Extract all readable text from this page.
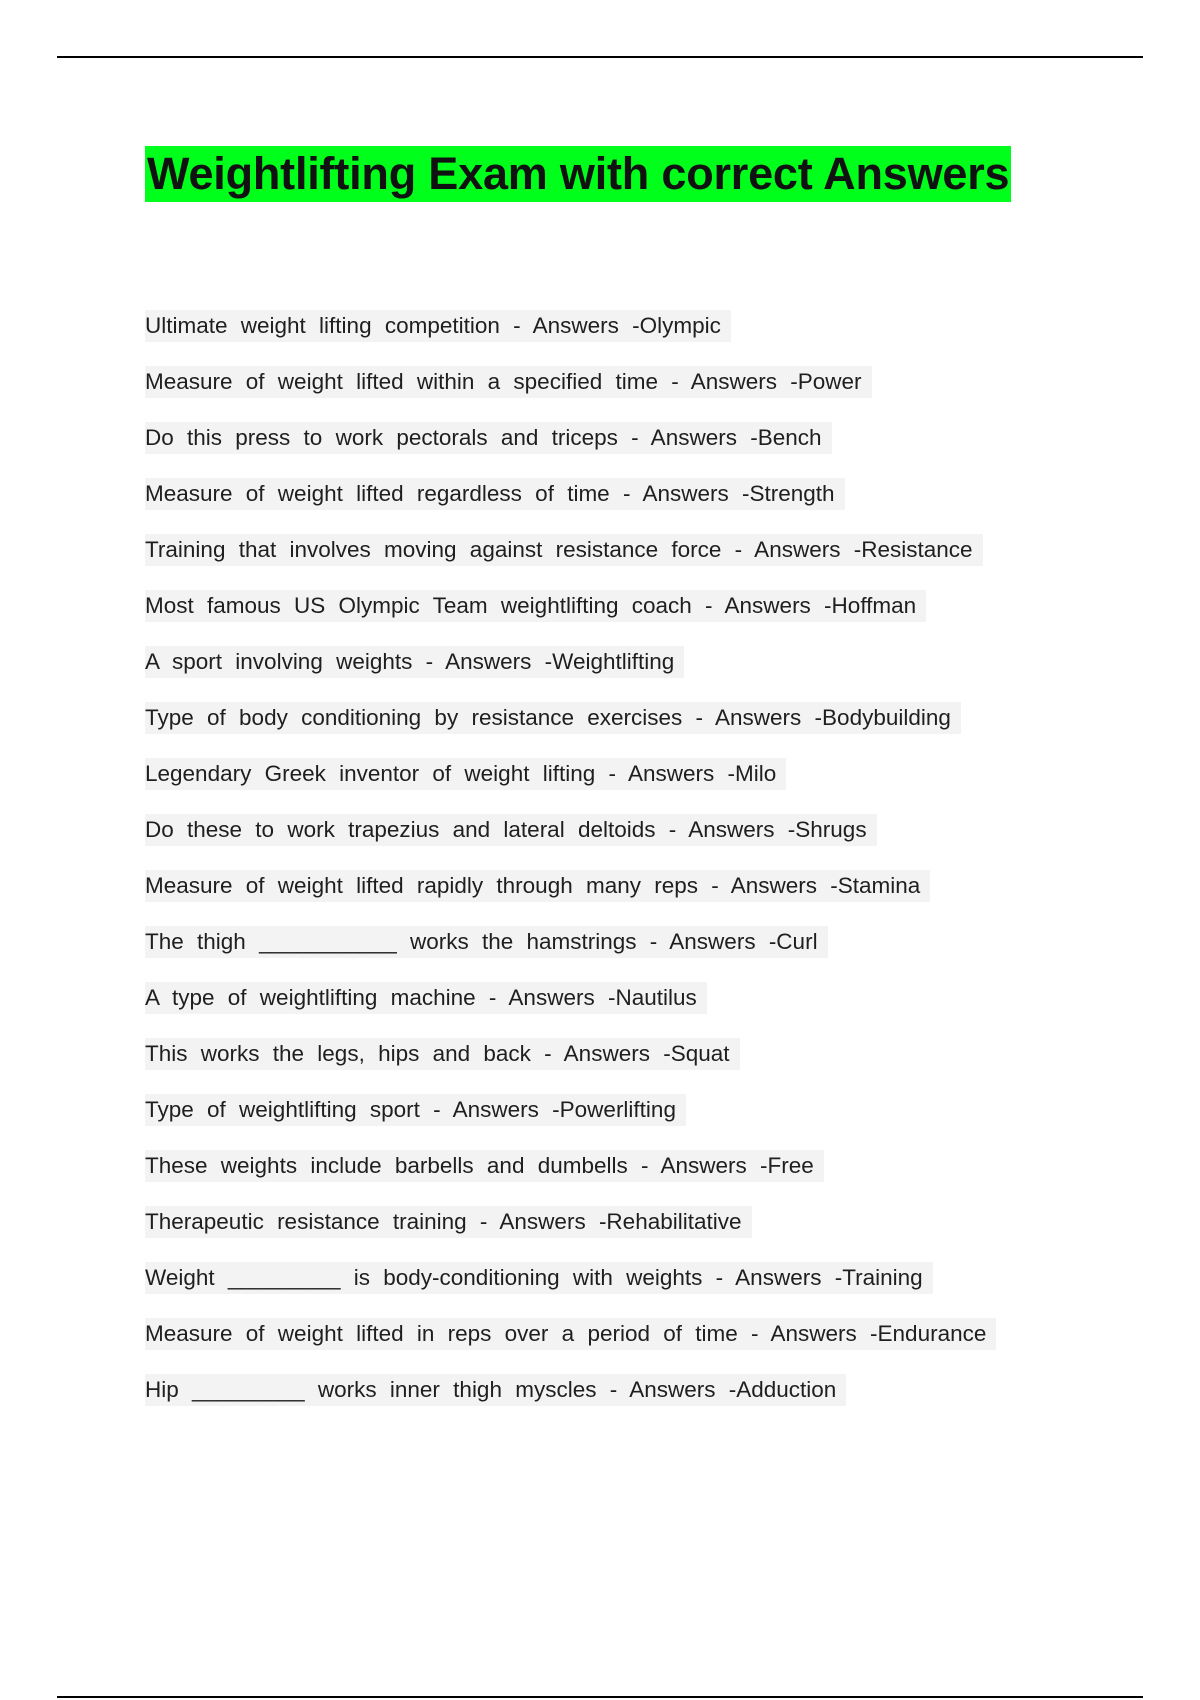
Weightlifting Exam with correct Answers
Ultimate weight lifting competition - Answers -Olympic
Measure of weight lifted within a specified time - Answers -Power
Do this press to work pectorals and triceps - Answers -Bench
Measure of weight lifted regardless of time - Answers -Strength
Training that involves moving against resistance force - Answers -Resistance
Most famous US Olympic Team weightlifting coach - Answers -Hoffman
A sport involving weights - Answers -Weightlifting
Type of body conditioning by resistance exercises - Answers -Bodybuilding
Legendary Greek inventor of weight lifting - Answers -Milo
Do these to work trapezius and lateral deltoids - Answers -Shrugs
Measure of weight lifted rapidly through many reps - Answers -Stamina
The thigh ___________ works the hamstrings - Answers -Curl
A type of weightlifting machine - Answers -Nautilus
This works the legs, hips and back - Answers -Squat
Type of weightlifting sport - Answers -Powerlifting
These weights include barbells and dumbells - Answers -Free
Therapeutic resistance training - Answers -Rehabilitative
Weight _________ is body-conditioning with weights - Answers -Training
Measure of weight lifted in reps over a period of time - Answers -Endurance
Hip _________ works inner thigh myscles - Answers -Adduction
